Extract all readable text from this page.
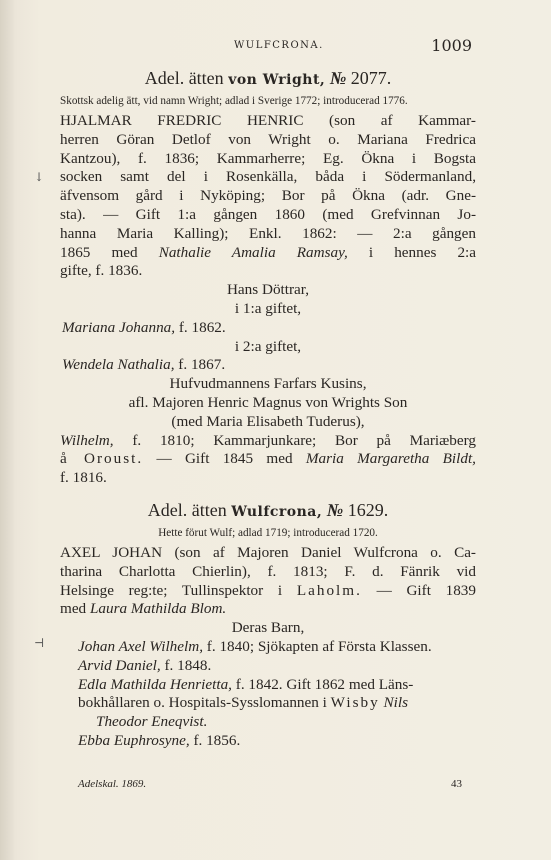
↓
⊣
WULFCRONA.	1009
Adel. ätten von Wright, № 2077.
Skottsk adelig ätt, vid namn Wright; adlad i Sverige 1772; introducerad 1776.
HJALMAR FREDRIC HENRIC (son af Kammar-
herren Göran Detlof von Wright o. Mariana Fredrica
Kantzou), f. 1836; Kammarherre; Eg. Ökna i Bogsta
socken samt del i Rosenkälla, båda i Södermanland,
äfvensom gård i Nyköping; Bor på Ökna (adr. Gne-
sta). — Gift 1:a gången 1860 (med Grefvinnan Jo-
hanna Maria Kalling); Enkl. 1862: — 2:a gången
1865 med Nathalie Amalia Ramsay, i hennes 2:a
gifte, f. 1836.
Hans Döttrar,
i 1:a giftet,
Mariana Johanna, f. 1862.
i 2:a giftet,
Wendela Nathalia, f. 1867.
Hufvudmannens Farfars Kusins,
afl. Majoren Henric Magnus von Wrights Son
(med Maria Elisabeth Tuderus),
Wilhelm, f. 1810; Kammarjunkare; Bor på Mariæberg
å Oroust. — Gift 1845 med Maria Margaretha Bildt,
f. 1816.
Adel. ätten Wulfcrona, № 1629.
Hette förut Wulf; adlad 1719; introducerad 1720.
AXEL JOHAN (son af Majoren Daniel Wulfcrona o. Ca-
tharina Charlotta Chierlin), f. 1813; F. d. Fänrik vid
Helsinge reg:te; Tullinspektor i Laholm. — Gift 1839
med Laura Mathilda Blom.
Deras Barn,
Johan Axel Wilhelm, f. 1840; Sjökapten af Första Klassen.
Arvid Daniel, f. 1848.
Edla Mathilda Henrietta, f. 1842. Gift 1862 med Läns-
bokhållaren o. Hospitals-Sysslomannen i Wisby Nils
Theodor Eneqvist.
Ebba Euphrosyne, f. 1856.
Adelskal. 1869.	43
